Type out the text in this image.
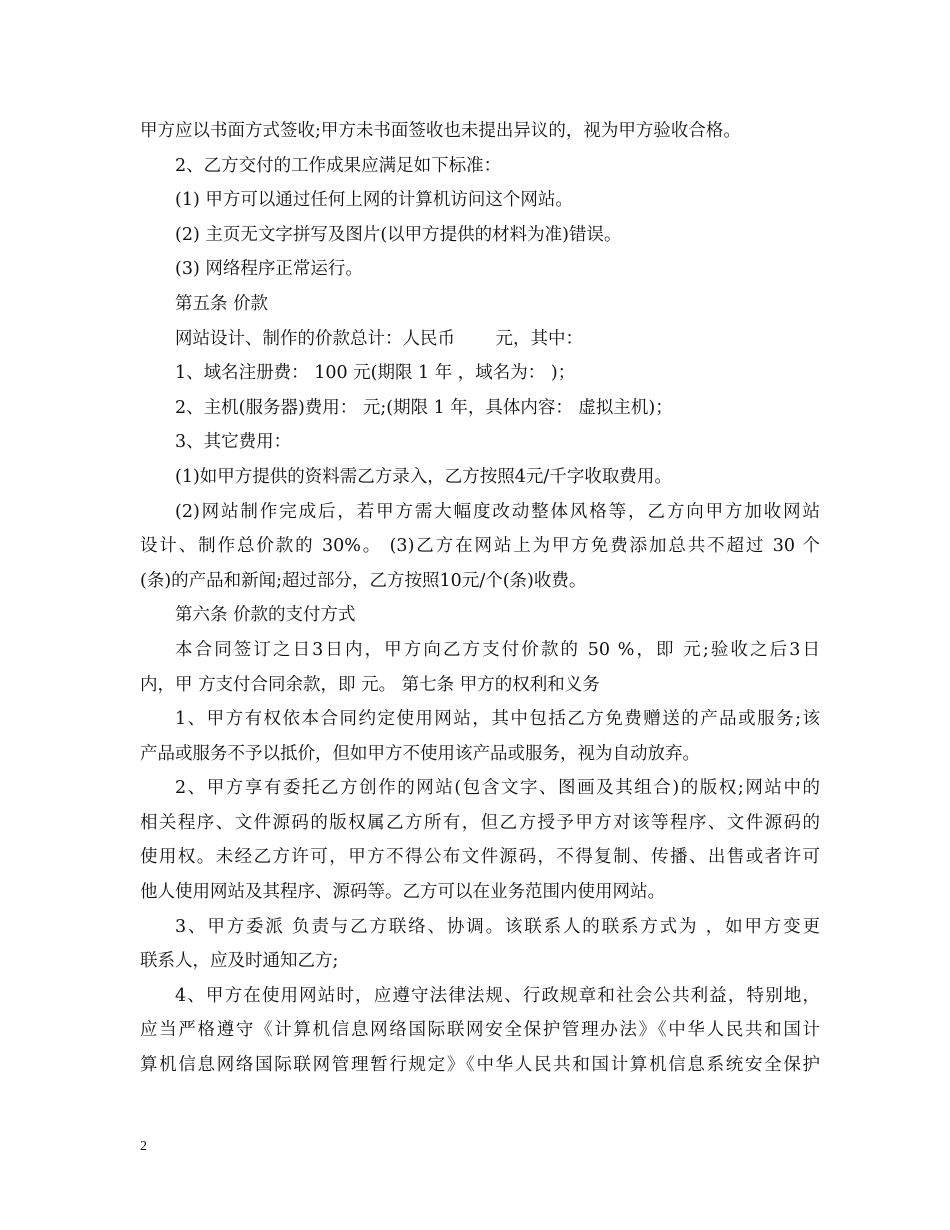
甲方应以书面方式签收;甲方未书面签收也未提出异议的，视为甲方验收合格。
2、乙方交付的工作成果应满足如下标准：
(1) 甲方可以通过任何上网的计算机访问这个网站。
(2) 主页无文字拼写及图片(以甲方提供的材料为准)错误。
(3) 网络程序正常运行。
第五条 价款
网站设计、制作的价款总计：人民币　　 元，其中：
1、域名注册费： 100 元(期限 1 年 ，域名为： )；
2、主机(服务器)费用： 元;(期限 1 年，具体内容： 虚拟主机)；
3、其它费用：
(1)如甲方提供的资料需乙方录入，乙方按照4元/千字收取费用。
(2)网站制作完成后，若甲方需大幅度改动整体风格等，乙方向甲方加收网站
设计、制作总价款的 30%。 (3)乙方在网站上为甲方免费添加总共不超过 30 个
(条)的产品和新闻;超过部分，乙方按照10元/个(条)收费。
第六条 价款的支付方式
本合同签订之日3日内，甲方向乙方支付价款的 50 %，即 元;验收之后3日
内，甲 方支付合同余款，即 元。 第七条 甲方的权利和义务
1、甲方有权依本合同约定使用网站，其中包括乙方免费赠送的产品或服务;该
产品或服务不予以抵价，但如甲方不使用该产品或服务，视为自动放弃。
2、甲方享有委托乙方创作的网站(包含文字、图画及其组合)的版权;网站中的
相关程序、文件源码的版权属乙方所有，但乙方授予甲方对该等程序、文件源码的
使用权。未经乙方许可，甲方不得公布文件源码，不得复制、传播、出售或者许可
他人使用网站及其程序、源码等。乙方可以在业务范围内使用网站。
3、甲方委派 负责与乙方联络、协调。该联系人的联系方式为 ，如甲方变更
联系人，应及时通知乙方;
4、甲方在使用网站时，应遵守法律法规、行政规章和社会公共利益，特别地，
应当严格遵守《计算机信息网络国际联网安全保护管理办法》《中华人民共和国计
算机信息网络国际联网管理暂行规定》《中华人民共和国计算机信息系统安全保护
2
